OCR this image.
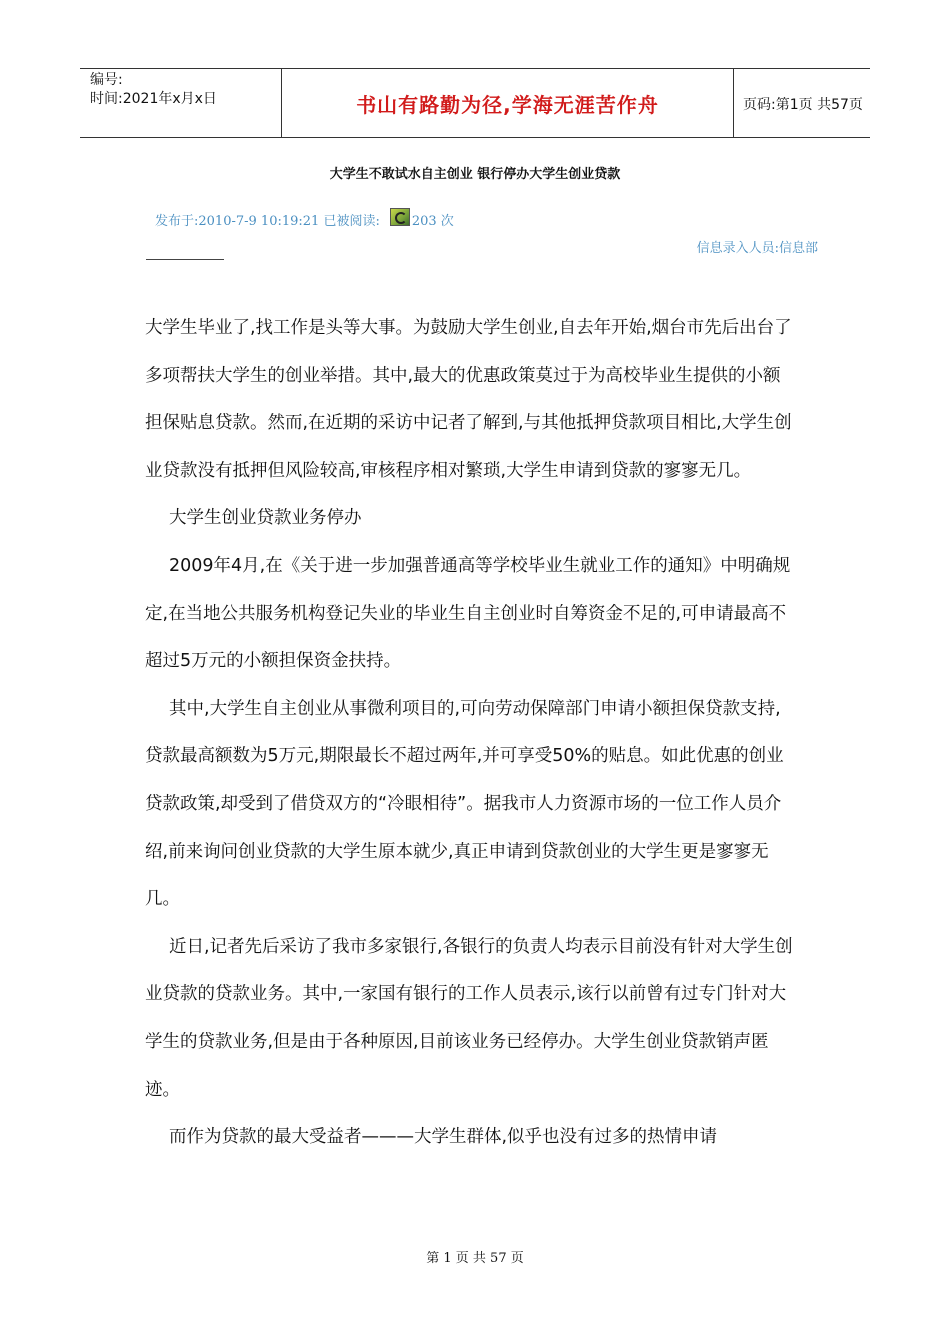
编号:
时间:2021年x月x日	书山有路勤为径,学海无涯苦作舟	页码:第1页 共57页
大学生不敢试水自主创业 银行停办大学生创业贷款
发布于:2010-7-9 10:19:21 已被阅读: 203 次
信息录入人员:信息部

大学生毕业了,找工作是头等大事。为鼓励大学生创业,自去年开始,烟台市先后出台了多项帮扶大学生的创业举措。其中,最大的优惠政策莫过于为高校毕业生提供的小额担保贴息贷款。然而,在近期的采访中记者了解到,与其他抵押贷款项目相比,大学生创业贷款没有抵押但风险较高,审核程序相对繁琐,大学生申请到贷款的寥寥无几。

大学生创业贷款业务停办

2009年4月,在《关于进一步加强普通高等学校毕业生就业工作的通知》中明确规定,在当地公共服务机构登记失业的毕业生自主创业时自筹资金不足的,可申请最高不超过5万元的小额担保资金扶持。

其中,大学生自主创业从事微利项目的,可向劳动保障部门申请小额担保贷款支持,贷款最高额数为5万元,期限最长不超过两年,并可享受50%的贴息。如此优惠的创业贷款政策,却受到了借贷双方的“冷眼相待”。据我市人力资源市场的一位工作人员介绍,前来询问创业贷款的大学生原本就少,真正申请到贷款创业的大学生更是寥寥无几。

近日,记者先后采访了我市多家银行,各银行的负责人均表示目前没有针对大学生创业贷款的贷款业务。其中,一家国有银行的工作人员表示,该行以前曾有过专门针对大学生的贷款业务,但是由于各种原因,目前该业务已经停办。大学生创业贷款销声匿迹。

而作为贷款的最大受益者———大学生群体,似乎也没有过多的热情申请

第 1 页 共 57 页
